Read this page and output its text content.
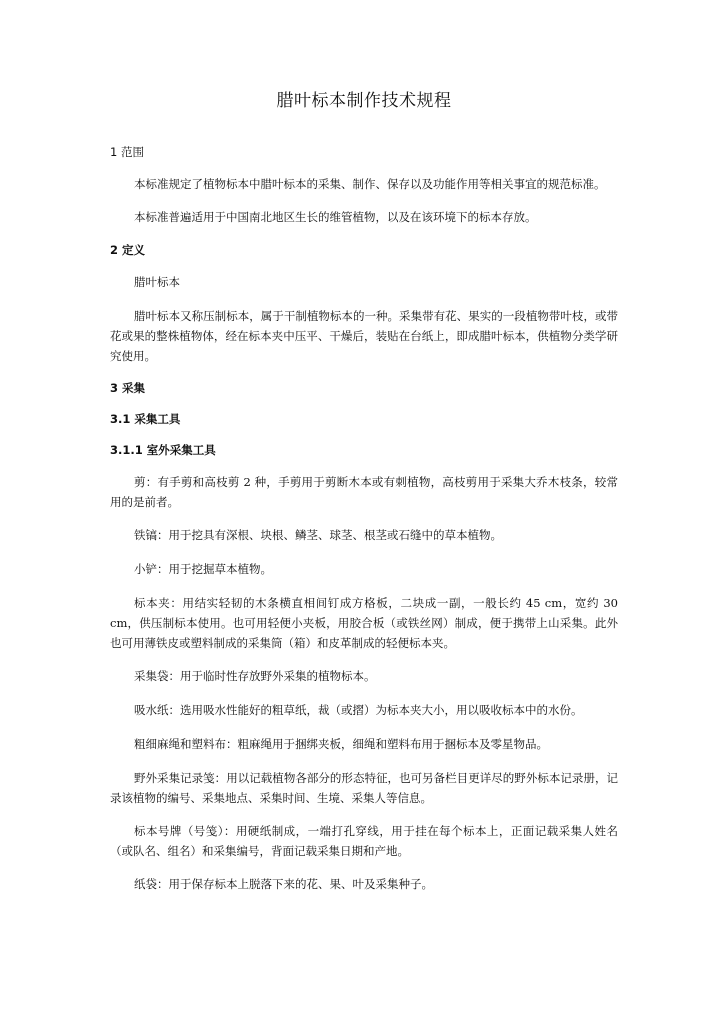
腊叶标本制作技术规程
1 范围

本标准规定了植物标本中腊叶标本的采集、制作、保存以及功能作用等相关事宜的规范标准。

本标准普遍适用于中国南北地区生长的维管植物，以及在该环境下的标本存放。

2 定义

腊叶标本

腊叶标本又称压制标本，属于干制植物标本的一种。采集带有花、果实的一段植物带叶枝，或带花或果的整株植物体，经在标本夹中压平、干燥后，装贴在台纸上，即成腊叶标本，供植物分类学研究使用。

3 采集
3.1 采集工具
3.1.1 室外采集工具

剪：有手剪和高枝剪 2 种，手剪用于剪断木本或有刺植物，高枝剪用于采集大乔木枝条，较常用的是前者。

铁镐：用于挖具有深根、块根、鳞茎、球茎、根茎或石缝中的草本植物。

小铲：用于挖掘草本植物。

标本夹：用结实轻韧的木条横直相间钉成方格板，二块成一副，一般长约 45 cm，宽约 30 cm，供压制标本使用。也可用轻便小夹板，用胶合板（或铁丝网）制成，便于携带上山采集。此外也可用薄铁皮或塑料制成的采集筒（箱）和皮革制成的轻便标本夹。

采集袋：用于临时性存放野外采集的植物标本。

吸水纸：选用吸水性能好的粗草纸，裁（或摺）为标本夹大小，用以吸收标本中的水份。

粗细麻绳和塑料布：粗麻绳用于捆绑夹板，细绳和塑料布用于捆标本及零星物品。

野外采集记录笺：用以记载植物各部分的形态特征，也可另备栏目更详尽的野外标本记录册，记录该植物的编号、采集地点、采集时间、生境、采集人等信息。

标本号牌（号笺）：用硬纸制成，一端打孔穿线，用于挂在每个标本上，正面记载采集人姓名（或队名、组名）和采集编号，背面记载采集日期和产地。

纸袋：用于保存标本上脱落下来的花、果、叶及采集种子。
